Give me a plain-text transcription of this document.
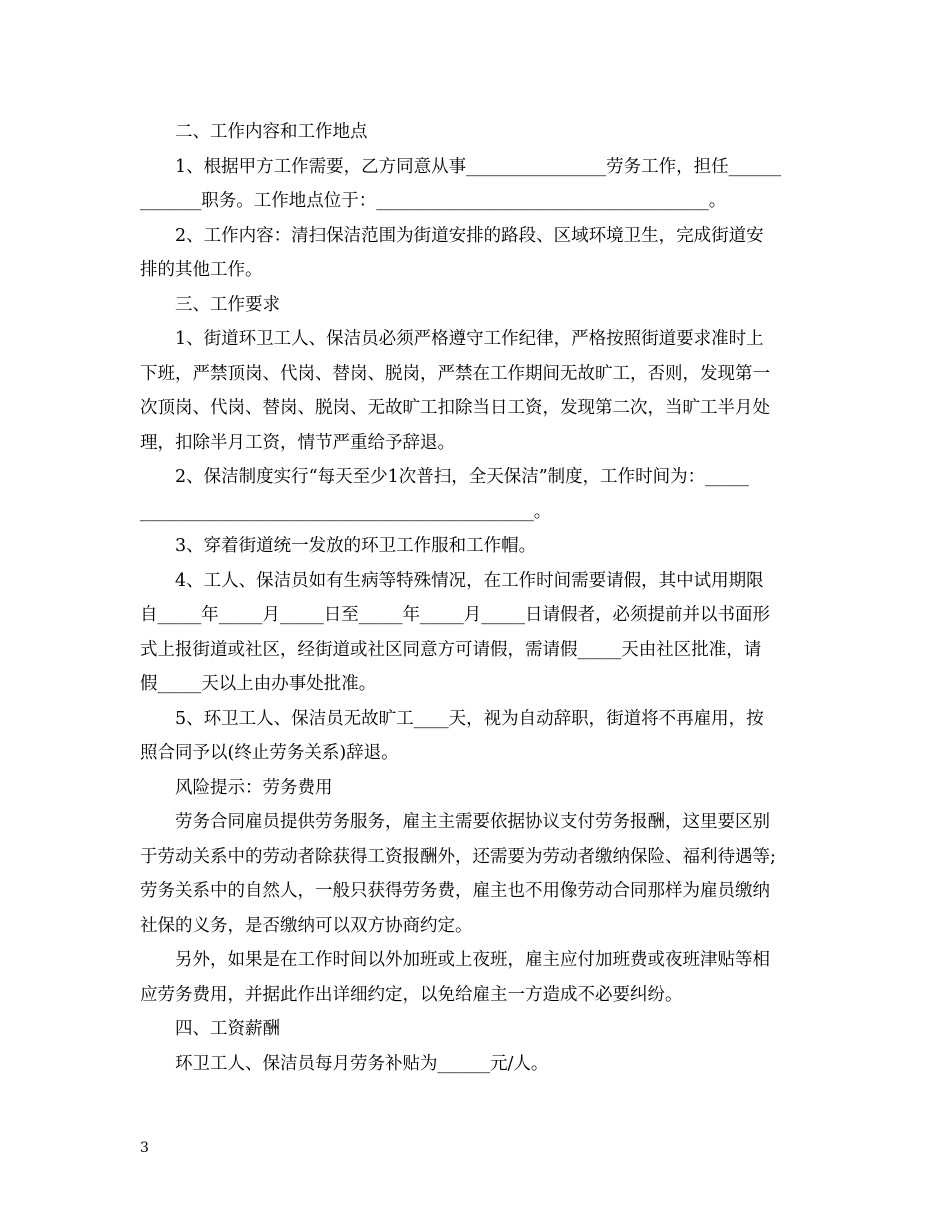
二、工作内容和工作地点

1、根据甲方工作需要，乙方同意从事________________劳务工作，担任______

_______职务。工作地点位于：______________________________________。

2、工作内容：清扫保洁范围为街道安排的路段、区域环境卫生，完成街道安

排的其他工作。

三、工作要求

1、街道环卫工人、保洁员必须严格遵守工作纪律，严格按照街道要求准时上

下班，严禁顶岗、代岗、替岗、脱岗，严禁在工作期间无故旷工，否则，发现第一

次顶岗、代岗、替岗、脱岗、无故旷工扣除当日工资，发现第二次，当旷工半月处

理，扣除半月工资，情节严重给予辞退。

2、保洁制度实行“每天至少1次普扫，全天保洁”制度，工作时间为：_____

_____________________________________________。

3、穿着街道统一发放的环卫工作服和工作帽。

4、工人、保洁员如有生病等特殊情况，在工作时间需要请假，其中试用期限

自_____年_____月_____日至_____年_____月_____日请假者，必须提前并以书面形

式上报街道或社区，经街道或社区同意方可请假，需请假_____天由社区批准，请

假_____天以上由办事处批准。

5、环卫工人、保洁员无故旷工____天，视为自动辞职，街道将不再雇用，按

照合同予以(终止劳务关系)辞退。

风险提示：劳务费用

劳务合同雇员提供劳务服务，雇主主需要依据协议支付劳务报酬，这里要区别

于劳动关系中的劳动者除获得工资报酬外，还需要为劳动者缴纳保险、福利待遇等;

劳务关系中的自然人，一般只获得劳务费，雇主也不用像劳动合同那样为雇员缴纳

社保的义务，是否缴纳可以双方协商约定。

另外，如果是在工作时间以外加班或上夜班，雇主应付加班费或夜班津贴等相

应劳务费用，并据此作出详细约定，以免给雇主一方造成不必要纠纷。

四、工资薪酬

环卫工人、保洁员每月劳务补贴为______元/人。

3
